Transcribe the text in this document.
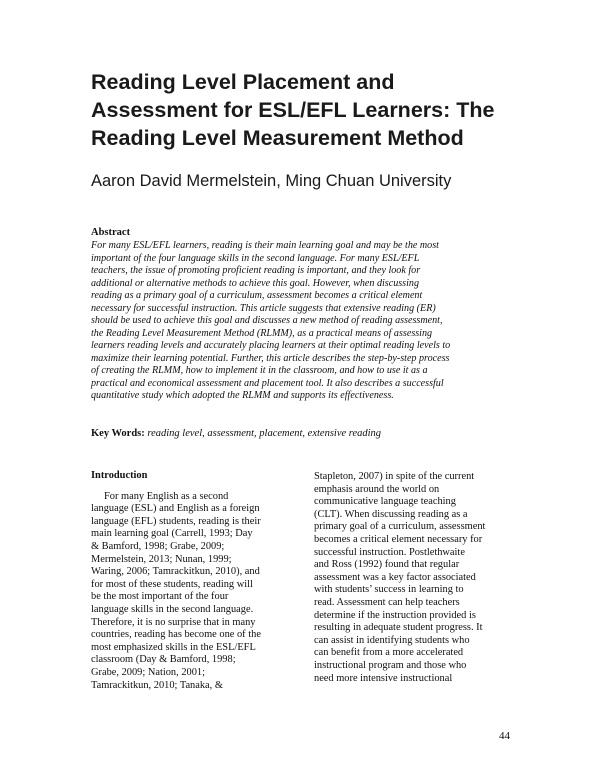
Reading Level Placement and
Assessment for ESL/EFL Learners: The
Reading Level Measurement Method
Aaron David Mermelstein, Ming Chuan University
Abstract
For many ESL/EFL learners, reading is their main learning goal and may be the most
important of the four language skills in the second language. For many ESL/EFL
teachers, the issue of promoting proficient reading is important, and they look for
additional or alternative methods to achieve this goal. However, when discussing
reading as a primary goal of a curriculum, assessment becomes a critical element
necessary for successful instruction. This article suggests that extensive reading (ER)
should be used to achieve this goal and discusses a new method of reading assessment,
the Reading Level Measurement Method (RLMM), as a practical means of assessing
learners reading levels and accurately placing learners at their optimal reading levels to
maximize their learning potential. Further, this article describes the step-by-step process
of creating the RLMM, how to implement it in the classroom, and how to use it as a
practical and economical assessment and placement tool. It also describes a successful
quantitative study which adopted the RLMM and supports its effectiveness.
Key Words: reading level, assessment, placement, extensive reading
Introduction
For many English as a second
language (ESL) and English as a foreign
language (EFL) students, reading is their
main learning goal (Carrell, 1993; Day
& Bamford, 1998; Grabe, 2009;
Mermelstein, 2013; Nunan, 1999;
Waring, 2006; Tamrackitkun, 2010), and
for most of these students, reading will
be the most important of the four
language skills in the second language.
Therefore, it is no surprise that in many
countries, reading has become one of the
most emphasized skills in the ESL/EFL
classroom (Day & Bamford, 1998;
Grabe, 2009; Nation, 2001;
Tamrackitkun, 2010; Tanaka, &
Stapleton, 2007) in spite of the current
emphasis around the world on
communicative language teaching
(CLT). When discussing reading as a
primary goal of a curriculum, assessment
becomes a critical element necessary for
successful instruction. Postlethwaite
and Ross (1992) found that regular
assessment was a key factor associated
with students’ success in learning to
read. Assessment can help teachers
determine if the instruction provided is
resulting in adequate student progress. It
can assist in identifying students who
can benefit from a more accelerated
instructional program and those who
need more intensive instructional
44
